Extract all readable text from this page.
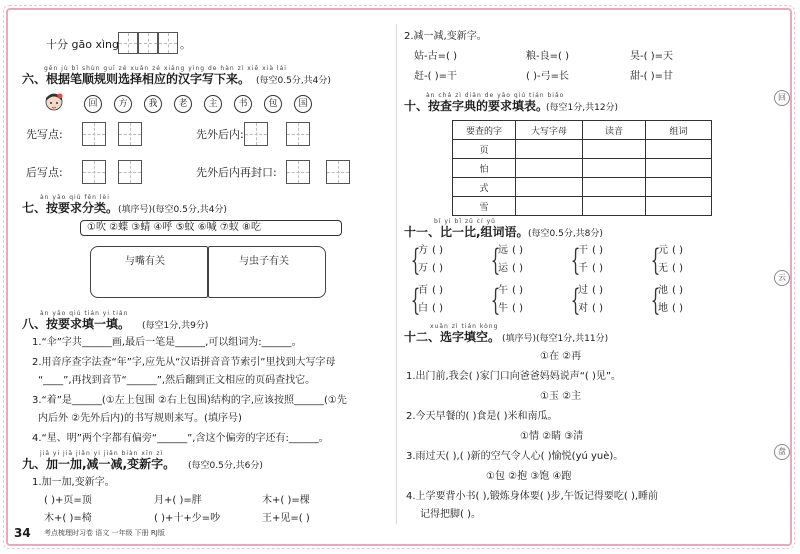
十分 gāo xìng	。
gēn jù bǐ shùn guī zé xuǎn zé xiāng yìng de hàn zì xiě xià lái
六、根据笔顺规则选择相应的汉字写下来。 (每空0.5分,共4分)
回	方	我	老	主	书	包	国
先写点:	先外后内:
后写点:	先外后内再封口:
àn yāo qiú fēn lèi
七、按要求分类。 (填序号)(每空0.5分,共4分)
①吹 ②蝶 ③蜻 ④呼 ⑤蚊 ⑥喊 ⑦蚁 ⑧吃
与嘴有关	与虫子有关
àn yāo qiú tián yi tián
八、按要求填一填。 (每空1分,共9分)
1.“伞”字共______画,最后一笔是______,可以组词为:______。
2.用音序查字法查“年”字,应先从“汉语拼音音节索引”里找到大写字母
“____”,再找到音节“______”,然后翻到正文相应的页码查找它。
3.“着”是______(①左上包围 ②右上包围)结构的字,应该按照______(①先
内后外 ②先外后内)的书写规则来写。(填序号)
4.“星、明”两个字都有偏旁“______”,含这个偏旁的字还有:______。
jiā yi jiā jiǎn yi jiǎn biàn xīn zì
九、加一加,减一减,变新字。 (每空0.5分,共6分)
1.加一加,变新字。
( )+页=顶	月+( )=胖	木+( )=棵
木+( )=椅	( )+十+少=吵	王+见=( )
34 考点梳理时习卷 语文 一年级 下册 RJ版
2.减一减,变新字。
姑-古=( )	粮-良=( )	昊-( )=天
赶-( )=干	( )-弓=长	甜-( )=甘
àn chá zì diǎn de yāo qiú tián biǎo
十、按查字典的要求填表。
(每空1分,共12分)
要查的字	大写字母	读音	组词
页			
怕			
式			
雪			
bǐ yi bǐ zǔ cí yǔ
十一、比一比,组词语。 (每空0.5分,共8分)
{
方 ( )
万 ( ) {
远 ( )
运 ( ) {
干 ( )
千 ( ) {
元 ( )
无 ( )
{
百 ( )
白 ( ) {
午 ( )
牛 ( ) {
过 ( )
对 ( ) {
池 ( )
地 ( )
xuǎn zì tián kòng
十二、选字填空。 (填序号)(每空1分,共11分)
①在 ②再
1.出门前,我会( )家门口向爸爸妈妈说声“( )见”。
①玉 ②主
2.今天早餐的( )食是( )米和南瓜。
①情 ②睛 ③清
3.雨过天( ),( )新的空气令人心( )愉悦(yú yuè)。
①包 ②抱 ③饱 ④跑
4.上学要背小书( ),锻炼身体要( )步,午饭记得要吃( ),睡前
记得把脚( )。
回
云
盘
